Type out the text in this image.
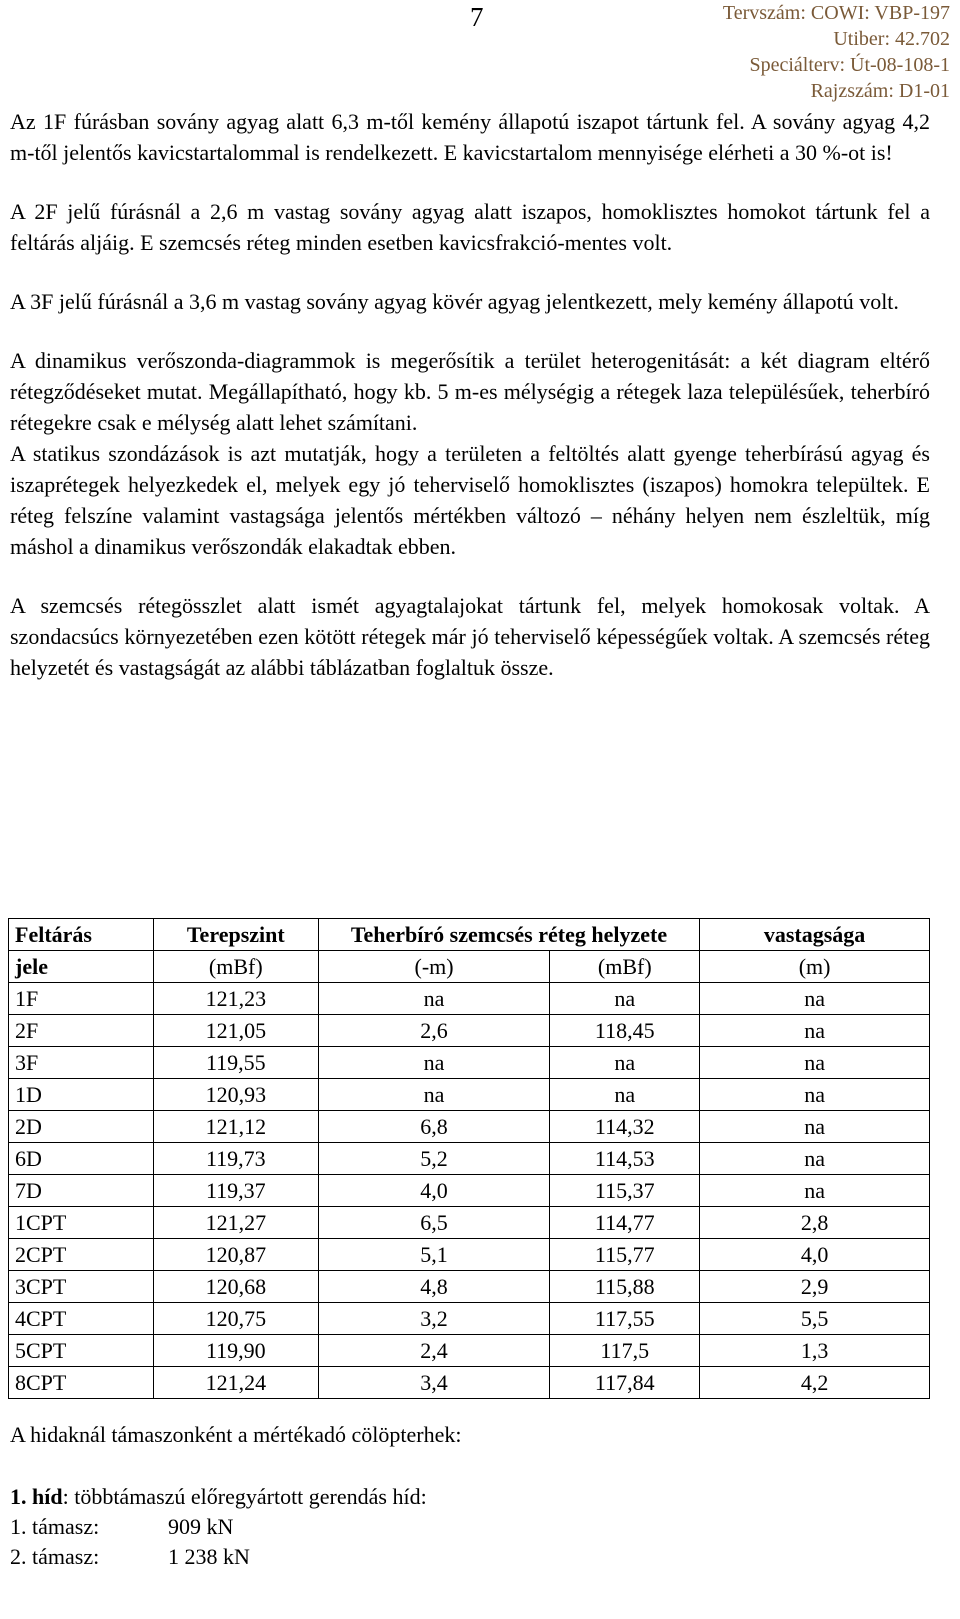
7	Tervszám: COWI: VBP-197
Utiber: 42.702
Speciálterv: Út-08-108-1
Rajzszám: D1-01

Az 1F fúrásban sovány agyag alatt 6,3 m-től kemény állapotú iszapot tártunk fel. A sovány agyag 4,2 m-től jelentős kavicstartalommal is rendelkezett. E kavicstartalom mennyisége elérheti a 30 %-ot is!

A 2F jelű fúrásnál a 2,6 m vastag sovány agyag alatt iszapos, homoklisztes homokot tártunk fel a feltárás aljáig. E szemcsés réteg minden esetben kavicsfrakció-mentes volt.

A 3F jelű fúrásnál a 3,6 m vastag sovány agyag kövér agyag jelentkezett, mely kemény állapotú volt.

A dinamikus verőszonda-diagrammok is megerősítik a terület heterogenitását: a két diagram eltérő rétegződéseket mutat. Megállapítható, hogy kb. 5 m-es mélységig a rétegek laza településűek, teherbíró rétegekre csak e mélység alatt lehet számítani.

A statikus szondázások is azt mutatják, hogy a területen a feltöltés alatt gyenge teherbírású agyag és iszaprétegek helyezkedek el, melyek egy jó teherviselő homoklisztes (iszapos) homokra települtek. E réteg felszíne valamint vastagsága jelentős mértékben változó – néhány helyen nem észleltük, míg máshol a dinamikus verőszondák elakadtak ebben.

A szemcsés rétegösszlet alatt ismét agyagtalajokat tártunk fel, melyek homokosak voltak. A szondacsúcs környezetében ezen kötött rétegek már jó teherviselő képességűek voltak. A szemcsés réteg helyzetét és vastagságát az alábbi táblázatban foglaltuk össze.

Feltárás	Terepszint	Teherbíró szemcsés réteg helyzete		vastagsága
jele	(mBf)	(-m)	(mBf)	(m)
1F	121,23	na	na	na
2F	121,05	2,6	118,45	na
3F	119,55	na	na	na
1D	120,93	na	na	na
2D	121,12	6,8	114,32	na
6D	119,73	5,2	114,53	na
7D	119,37	4,0	115,37	na
1CPT	121,27	6,5	114,77	2,8
2CPT	120,87	5,1	115,77	4,0
3CPT	120,68	4,8	115,88	2,9
4CPT	120,75	3,2	117,55	5,5
5CPT	119,90	2,4	117,5	1,3
8CPT	121,24	3,4	117,84	4,2
A hidaknál támaszonként a mértékadó cölöpterhek:
1. híd: többtámaszú előregyártott gerendás híd:
1. támasz:	909 kN
2. támasz:	1 238 kN
